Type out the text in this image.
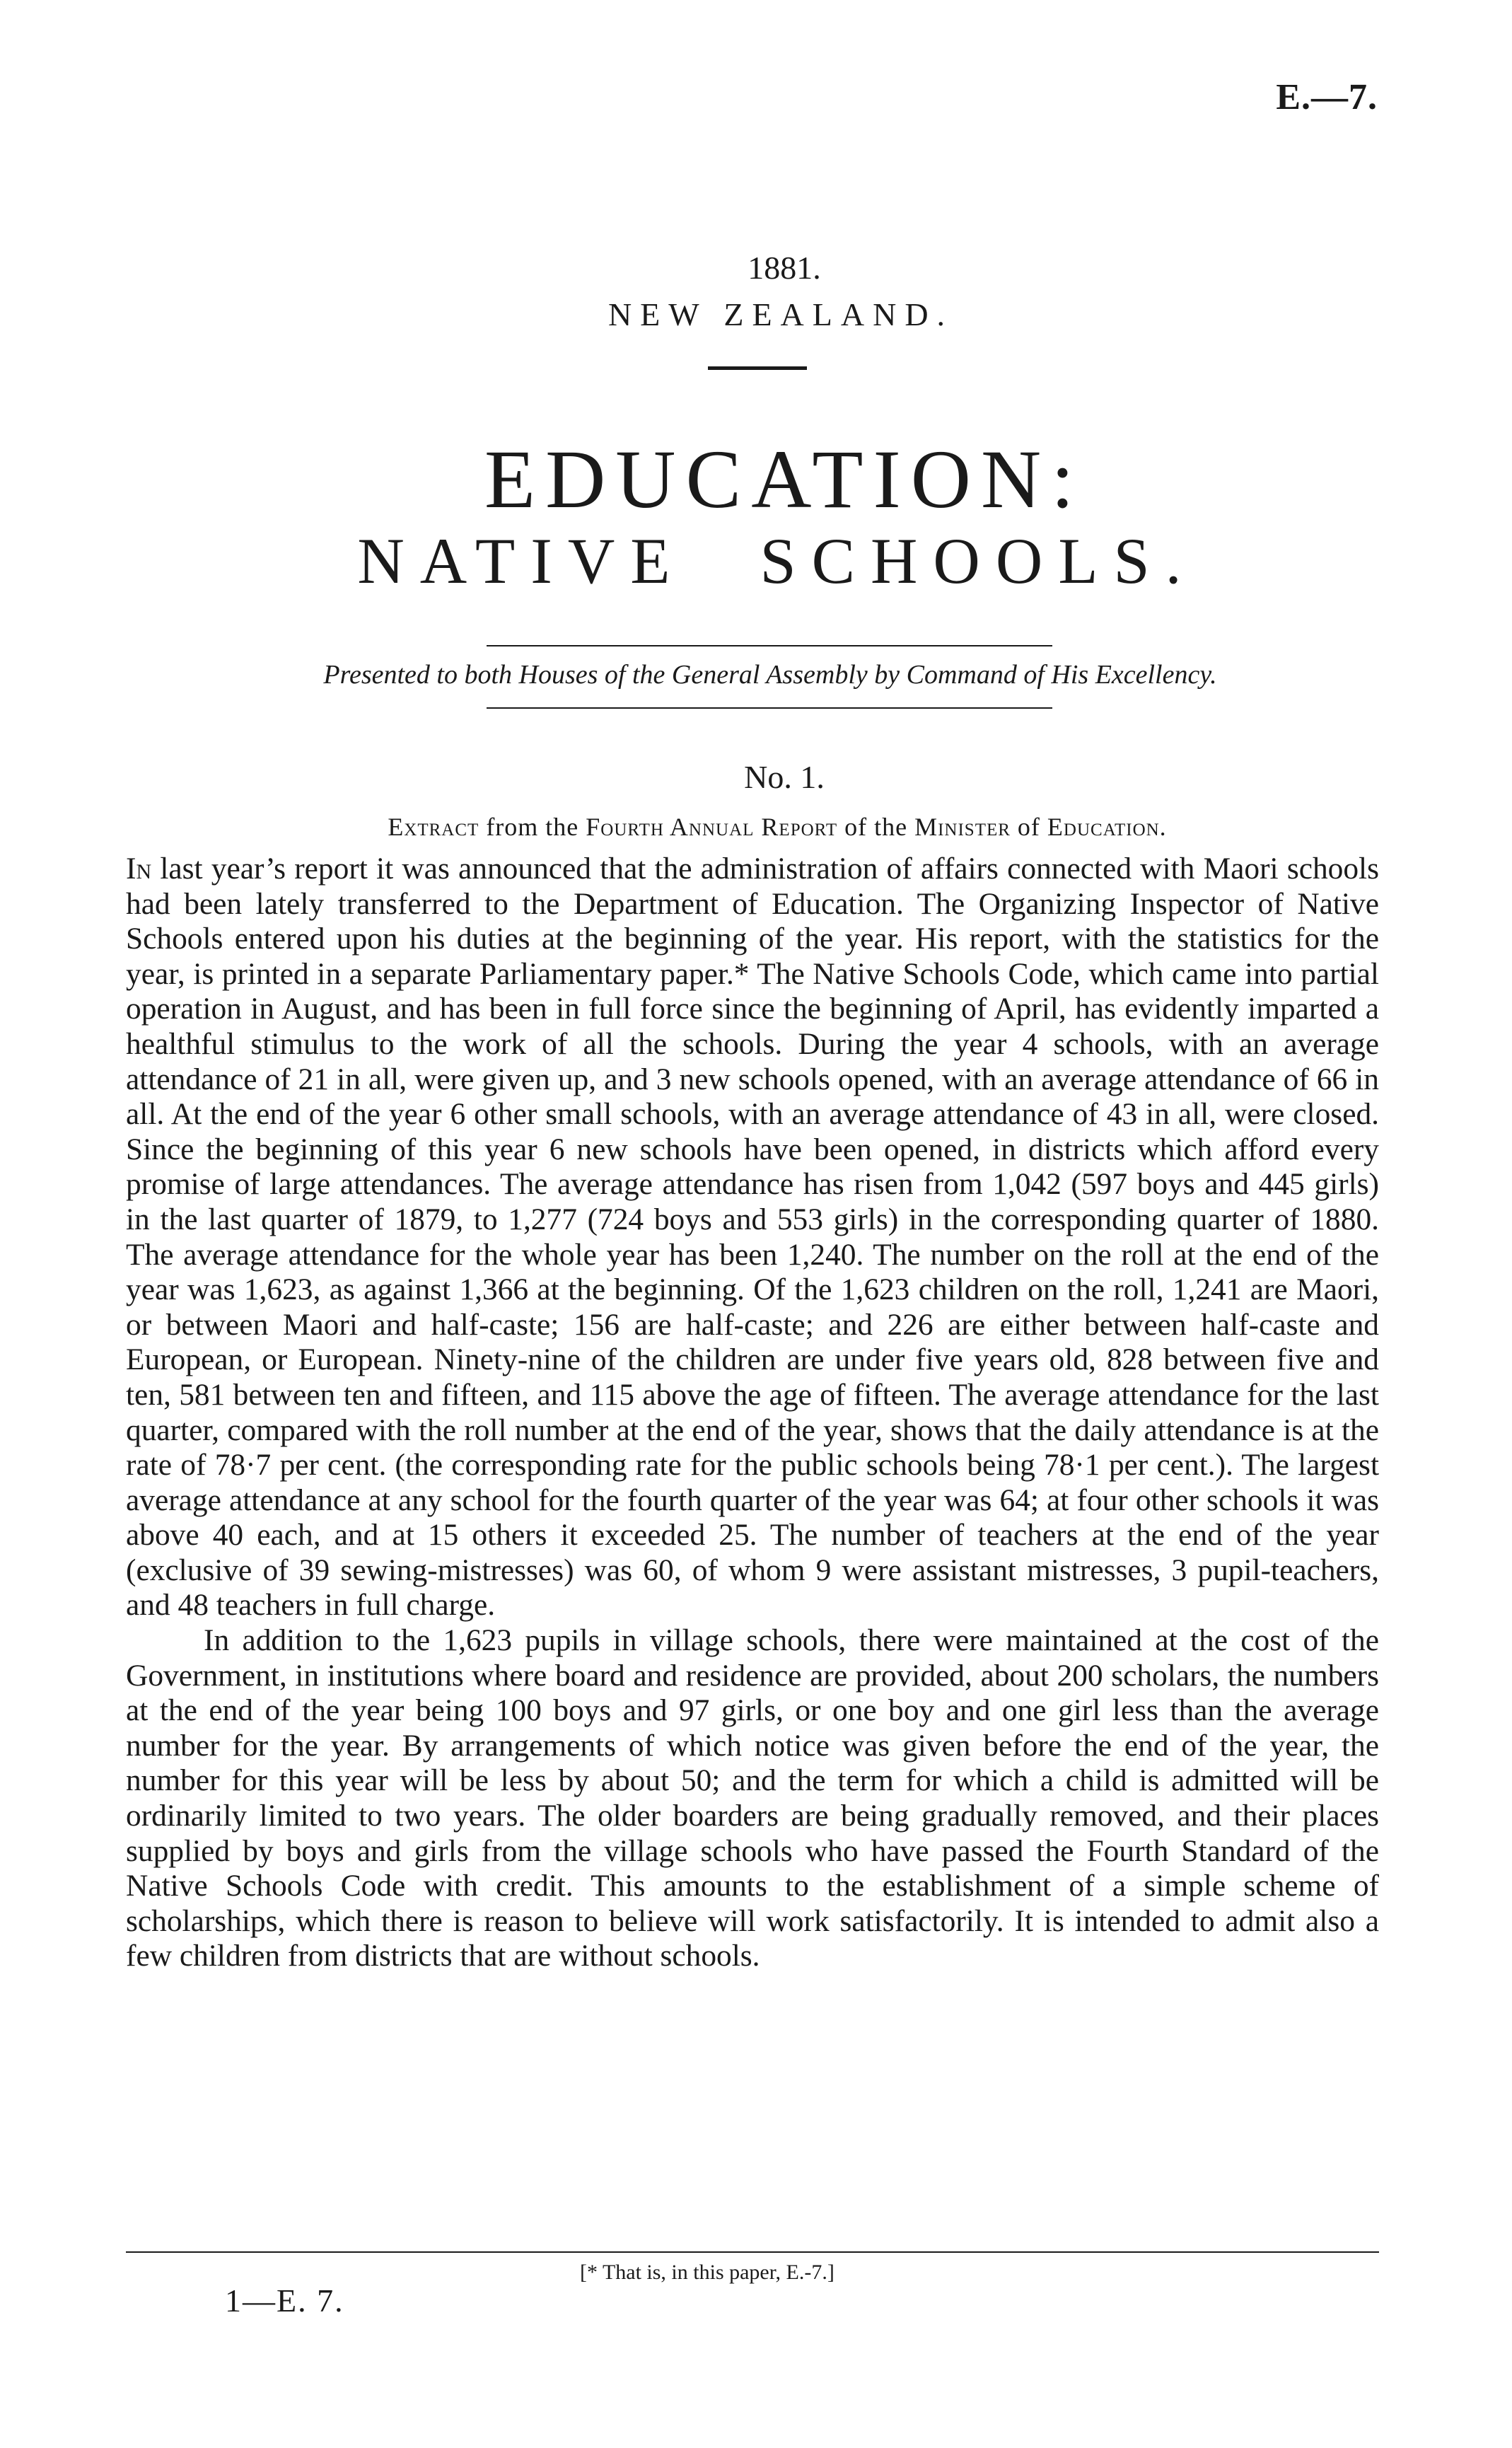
E.—7.
1881.
NEW ZEALAND.
EDUCATION:
NATIVE SCHOOLS.
Presented to both Houses of the General Assembly by Command of His Excellency.
No. 1.
Extract from the Fourth Annual Report of the Minister of Education.

In last year’s report it was announced that the administration of affairs connected with Maori schools had been lately transferred to the Department of Education. The Organizing Inspector of Native Schools entered upon his duties at the beginning of the year. His report, with the statistics for the year, is printed in a separate Parliamentary paper.* The Native Schools Code, which came into partial operation in August, and has been in full force since the beginning of April, has evidently imparted a healthful stimulus to the work of all the schools. During the year 4 schools, with an average attendance of 21 in all, were given up, and 3 new schools opened, with an average attendance of 66 in all. At the end of the year 6 other small schools, with an average attendance of 43 in all, were closed. Since the beginning of this year 6 new schools have been opened, in districts which afford every promise of large attendances. The average attendance has risen from 1,042 (597 boys and 445 girls) in the last quarter of 1879, to 1,277 (724 boys and 553 girls) in the corresponding quarter of 1880. The average attendance for the whole year has been 1,240. The number on the roll at the end of the year was 1,623, as against 1,366 at the beginning. Of the 1,623 children on the roll, 1,241 are Maori, or between Maori and half-caste; 156 are half-caste; and 226 are either between half-caste and European, or European. Ninety-nine of the children are under five years old, 828 between five and ten, 581 between ten and fifteen, and 115 above the age of fifteen. The average attendance for the last quarter, compared with the roll number at the end of the year, shows that the daily attendance is at the rate of 78·7 per cent. (the corresponding rate for the public schools being 78·1 per cent.). The largest average attendance at any school for the fourth quarter of the year was 64; at four other schools it was above 40 each, and at 15 others it exceeded 25. The number of teachers at the end of the year (exclusive of 39 sewing-mistresses) was 60, of whom 9 were assistant mistresses, 3 pupil-teachers, and 48 teachers in full charge.

In addition to the 1,623 pupils in village schools, there were maintained at the cost of the Government, in institutions where board and residence are provided, about 200 scholars, the numbers at the end of the year being 100 boys and 97 girls, or one boy and one girl less than the average number for the year. By arrangements of which notice was given before the end of the year, the number for this year will be less by about 50; and the term for which a child is admitted will be ordinarily limited to two years. The older boarders are being gradually removed, and their places supplied by boys and girls from the village schools who have passed the Fourth Standard of the Native Schools Code with credit. This amounts to the establishment of a simple scheme of scholarships, which there is reason to believe will work satisfactorily. It is intended to admit also a few children from districts that are without schools.

[* That is, in this paper, E.-7.]
1—E. 7.
